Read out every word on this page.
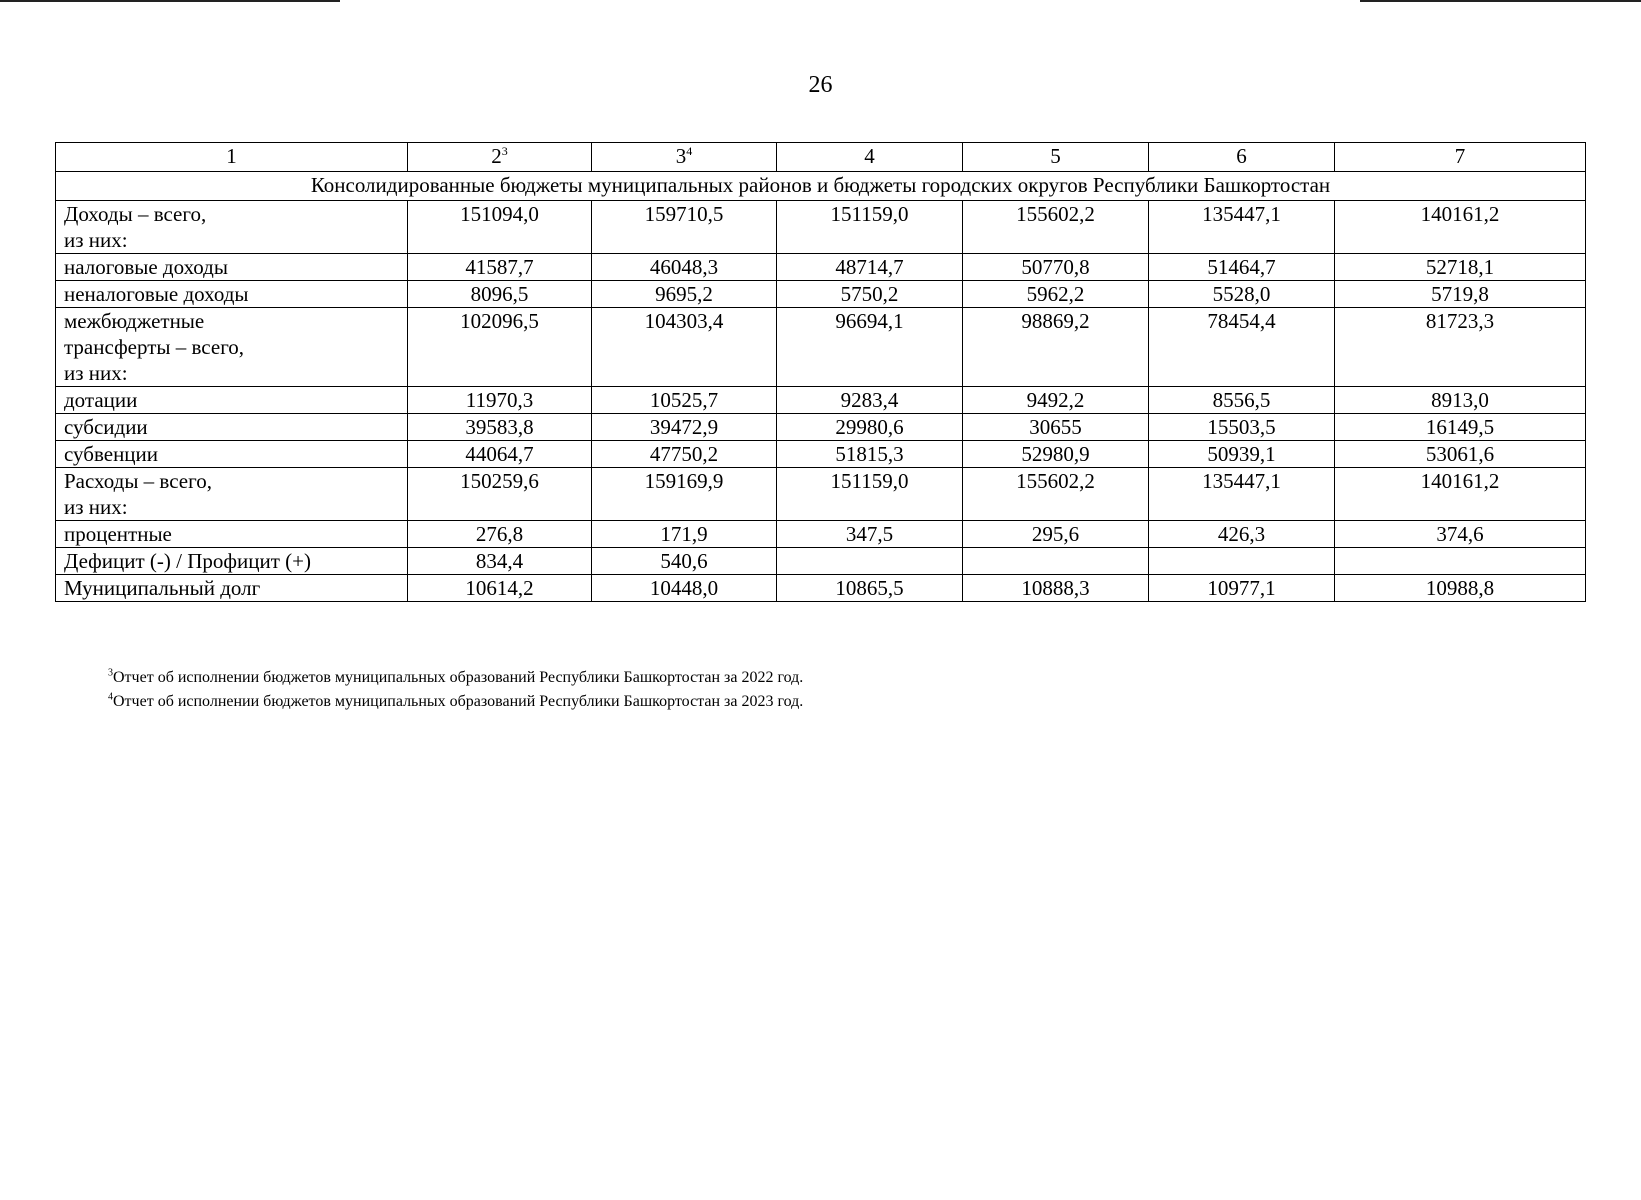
26
1	$2^3$	$3^4$	4	5	6	7
Консолидированные бюджеты муниципальных районов и бюджеты городских округов Республики Башкортостан						

Доходы – всего,
из них:	151094,0	159710,5	151159,0	155602,2	135447,1	140161,2

налоговые доходы	41587,7	46048,3	48714,7	50770,8	51464,7	52718,1

неналоговые доходы	8096,5	9695,2	5750,2	5962,2	5528,0	5719,8

межбюджетные
трансферты – всего,
из них:	102096,5	104303,4	96694,1	98869,2	78454,4	81723,3

дотации	11970,3	10525,7	9283,4	9492,2	8556,5	8913,0

субсидии	39583,8	39472,9	29980,6	30655	15503,5	16149,5

субвенции	44064,7	47750,2	51815,3	52980,9	50939,1	53061,6

Расходы – всего,
из них:	150259,6	159169,9	151159,0	155602,2	135447,1	140161,2

процентные	276,8	171,9	347,5	295,6	426,3	374,6

Дефицит (-) / Профицит (+)	834,4	540,6				

Муниципальный долг	10614,2	10448,0	10865,5	10888,3	10977,1	10988,8
$^3$Отчет об исполнении бюджетов муниципальных образований Республики Башкортостан за 2022 год.
$^4$Отчет об исполнении бюджетов муниципальных образований Республики Башкортостан за 2023 год.
